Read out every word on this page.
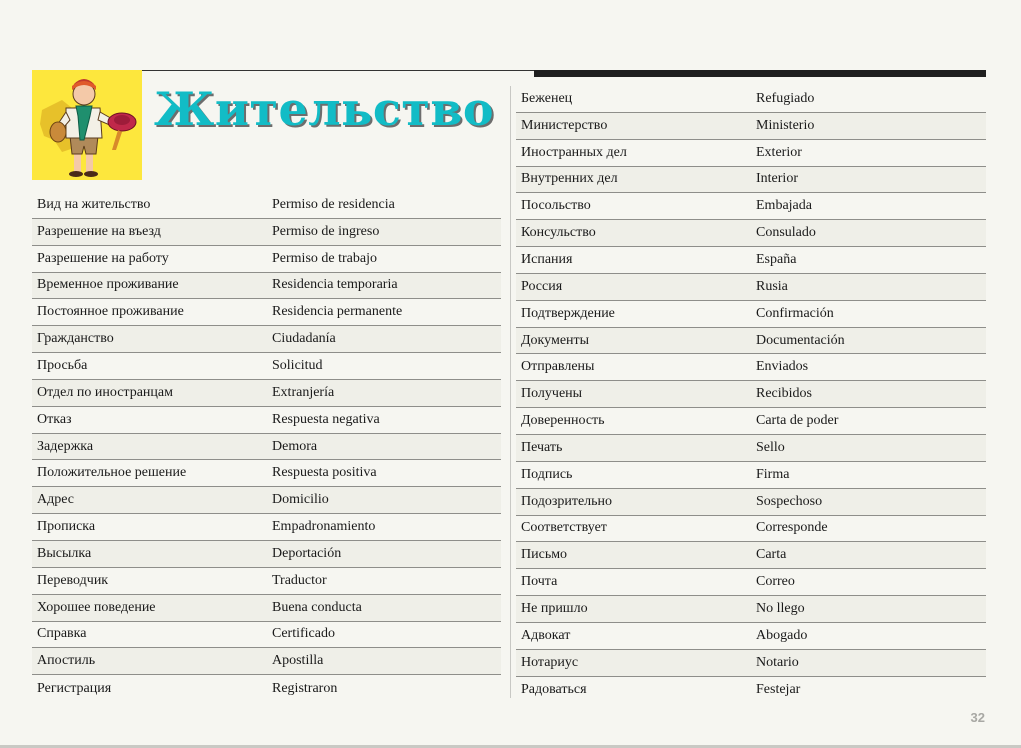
Жительство
Вид на жительство	Permiso de residencia
Разрешение на въезд	Permiso de ingreso
Разрешение на работу	Permiso de trabajo
Временное проживание	Residencia temporaria
Постоянное проживание	Residencia permanente
Гражданство	Ciudadanía
Просьба	Solicitud
Отдел по иностранцам	Extranjería
Отказ	Respuesta negativa
Задержка	Demora
Положительное решение	Respuesta positiva
Адрес	Domicilio
Прописка	Empadronamiento
Высылка	Deportación
Переводчик	Traductor
Хорошее поведение	Buena conducta
Справка	Certificado
Апостиль	Apostilla
Регистрация	Registraron
Беженец	Refugiado
Министерство	Ministerio
Иностранных дел	Exterior
Внутренних дел	Interior
Посольство	Embajada
Консульство	Consulado
Испания	España
Россия	Rusia
Подтверждение	Confirmación
Документы	Documentación
Отправлены	Enviados
Получены	Recibidos
Доверенность	Carta de poder
Печать	Sello
Подпись	Firma
Подозрительно	Sospechoso
Соответствует	Corresponde
Письмо	Carta
Почта	Correo
Не пришло	No llego
Адвокат	Abogado
Нотариус	Notario
Радоваться	Festejar
32
